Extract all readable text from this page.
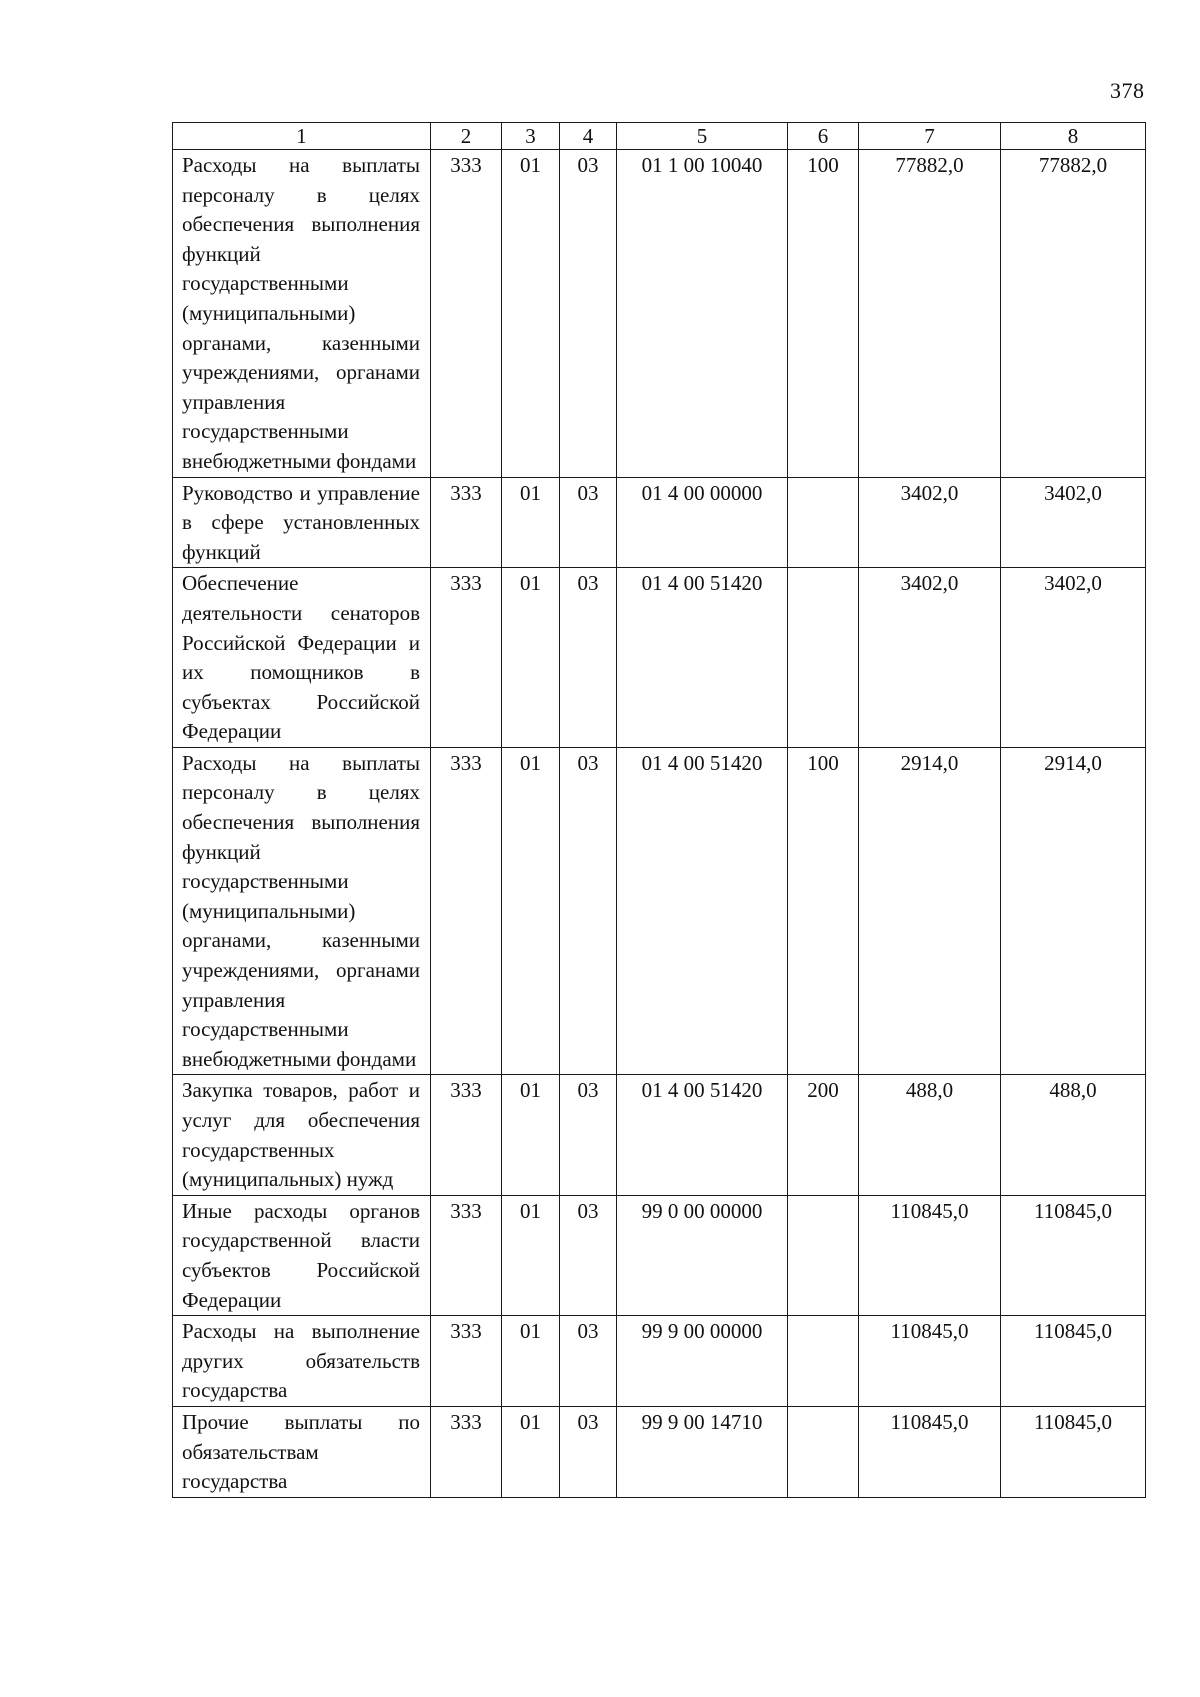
378
1	2	3	4	5	6	7	8
Расходы на выплаты персоналу в целях обеспечения выполнения функций государственными (муниципальными) органами, казенными учреждениями, органами управления государственными внебюджетными фондами	333	01	03	01 1 00 10040	100	77882,0	77882,0
Руководство и управление в сфере установленных функций	333	01	03	01 4 00 00000		3402,0	3402,0
Обеспечение деятельности сенаторов Российской Федерации и их помощников в субъектах Российской Федерации	333	01	03	01 4 00 51420		3402,0	3402,0
Расходы на выплаты персоналу в целях обеспечения выполнения функций государственными (муниципальными) органами, казенными учреждениями, органами управления государственными внебюджетными фондами	333	01	03	01 4 00 51420	100	2914,0	2914,0
Закупка товаров, работ и услуг для обеспечения государственных (муниципальных) нужд	333	01	03	01 4 00 51420	200	488,0	488,0
Иные расходы органов государственной власти субъектов Российской Федерации	333	01	03	99 0 00 00000		110845,0	110845,0
Расходы на выполнение других обязательств государства	333	01	03	99 9 00 00000		110845,0	110845,0
Прочие выплаты по обязательствам государства	333	01	03	99 9 00 14710		110845,0	110845,0
